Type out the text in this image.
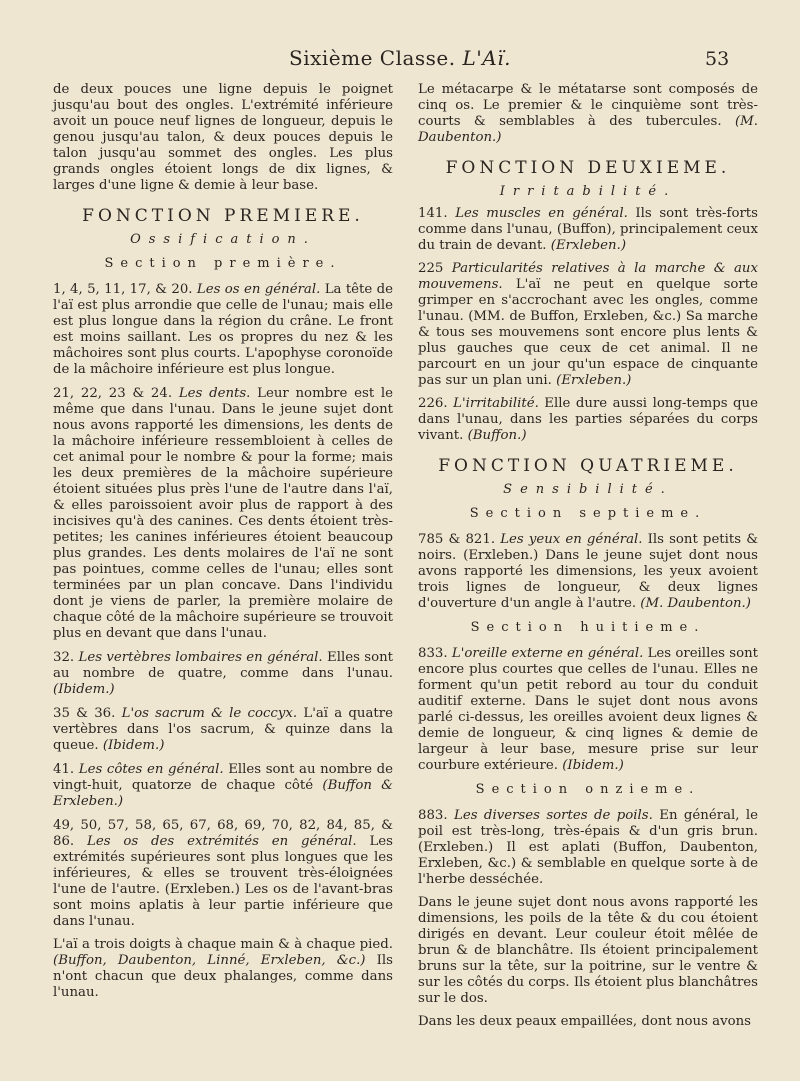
Sixième Classe. L'Aï.	53

de deux pouces une ligne depuis le poignet jusqu'au bout des ongles. L'extrémité inférieure avoit un pouce neuf lignes de longueur, depuis le genou jusqu'au talon, & deux pouces depuis le talon jusqu'au sommet des ongles. Les plus grands ongles étoient longs de dix lignes, & larges d'une ligne & demie à leur base.

FONCTION PREMIERE.
Ossification.
Section première.

1, 4, 5, 11, 17, & 20. Les os en général. La tête de l'aï est plus arrondie que celle de l'unau; mais elle est plus longue dans la région du crâne. Le front est moins saillant. Les os propres du nez & les mâchoires sont plus courts. L'apophyse coronoïde de la mâchoire inférieure est plus longue.

21, 22, 23 & 24. Les dents. Leur nombre est le même que dans l'unau. Dans le jeune sujet dont nous avons rapporté les dimensions, les dents de la mâchoire inférieure ressembloient à celles de cet animal pour le nombre & pour la forme; mais les deux premières de la mâchoire supérieure étoient situées plus près l'une de l'autre dans l'aï, & elles paroissoient avoir plus de rapport à des incisives qu'à des canines. Ces dents étoient très-petites; les canines inférieures étoient beaucoup plus grandes. Les dents molaires de l'aï ne sont pas pointues, comme celles de l'unau; elles sont terminées par un plan concave. Dans l'individu dont je viens de parler, la première molaire de chaque côté de la mâchoire supérieure se trouvoit plus en devant que dans l'unau.

32. Les vertèbres lombaires en général. Elles sont au nombre de quatre, comme dans l'unau. (Ibidem.)

35 & 36. L'os sacrum & le coccyx. L'aï a quatre vertèbres dans l'os sacrum, & quinze dans la queue. (Ibidem.)

41. Les côtes en général. Elles sont au nombre de vingt-huit, quatorze de chaque côté (Buffon & Erxleben.)

49, 50, 57, 58, 65, 67, 68, 69, 70, 82, 84, 85, & 86. Les os des extrémités en général. Les extrémités supérieures sont plus longues que les inférieures, & elles se trouvent très-éloignées l'une de l'autre. (Erxleben.) Les os de l'avant-bras sont moins aplatis à leur partie inférieure que dans l'unau.

L'aï a trois doigts à chaque main & à chaque pied. (Buffon, Daubenton, Linné, Erxleben, &c.) Ils n'ont chacun que deux phalanges, comme dans l'unau.

Le métacarpe & le métatarse sont composés de cinq os. Le premier & le cinquième sont très-courts & semblables à des tubercules. (M. Daubenton.)

FONCTION DEUXIEME.
Irritabilité.

141. Les muscles en général. Ils sont très-forts comme dans l'unau, (Buffon), principalement ceux du train de devant. (Erxleben.)

225 Particularités relatives à la marche & aux mouvemens. L'aï ne peut en quelque sorte grimper en s'accrochant avec les ongles, comme l'unau. (MM. de Buffon, Erxleben, &c.) Sa marche & tous ses mouvemens sont encore plus lents & plus gauches que ceux de cet animal. Il ne parcourt en un jour qu'un espace de cinquante pas sur un plan uni. (Erxleben.)

226. L'irritabilité. Elle dure aussi long-temps que dans l'unau, dans les parties séparées du corps vivant. (Buffon.)

FONCTION QUATRIEME.
Sensibilité.
Section septieme.

785 & 821. Les yeux en général. Ils sont petits & noirs. (Erxleben.) Dans le jeune sujet dont nous avons rapporté les dimensions, les yeux avoient trois lignes de longueur, & deux lignes d'ouverture d'un angle à l'autre. (M. Daubenton.)

Section huitieme.

833. L'oreille externe en général. Les oreilles sont encore plus courtes que celles de l'unau. Elles ne forment qu'un petit rebord au tour du conduit auditif externe. Dans le sujet dont nous avons parlé ci-dessus, les oreilles avoient deux lignes & demie de longueur, & cinq lignes & demie de largeur à leur base, mesure prise sur leur courbure extérieure. (Ibidem.)

Section onzieme.

883. Les diverses sortes de poils. En général, le poil est très-long, très-épais & d'un gris brun. (Erxleben.) Il est aplati (Buffon, Daubenton, Erxleben, &c.) & semblable en quelque sorte à de l'herbe desséchée.

Dans le jeune sujet dont nous avons rapporté les dimensions, les poils de la tête & du cou étoient dirigés en devant. Leur couleur étoit mêlée de brun & de blanchâtre. Ils étoient principalement bruns sur la tête, sur la poitrine, sur le ventre & sur les côtés du corps. Ils étoient plus blanchâtres sur le dos.

Dans les deux peaux empaillées, dont nous avons
